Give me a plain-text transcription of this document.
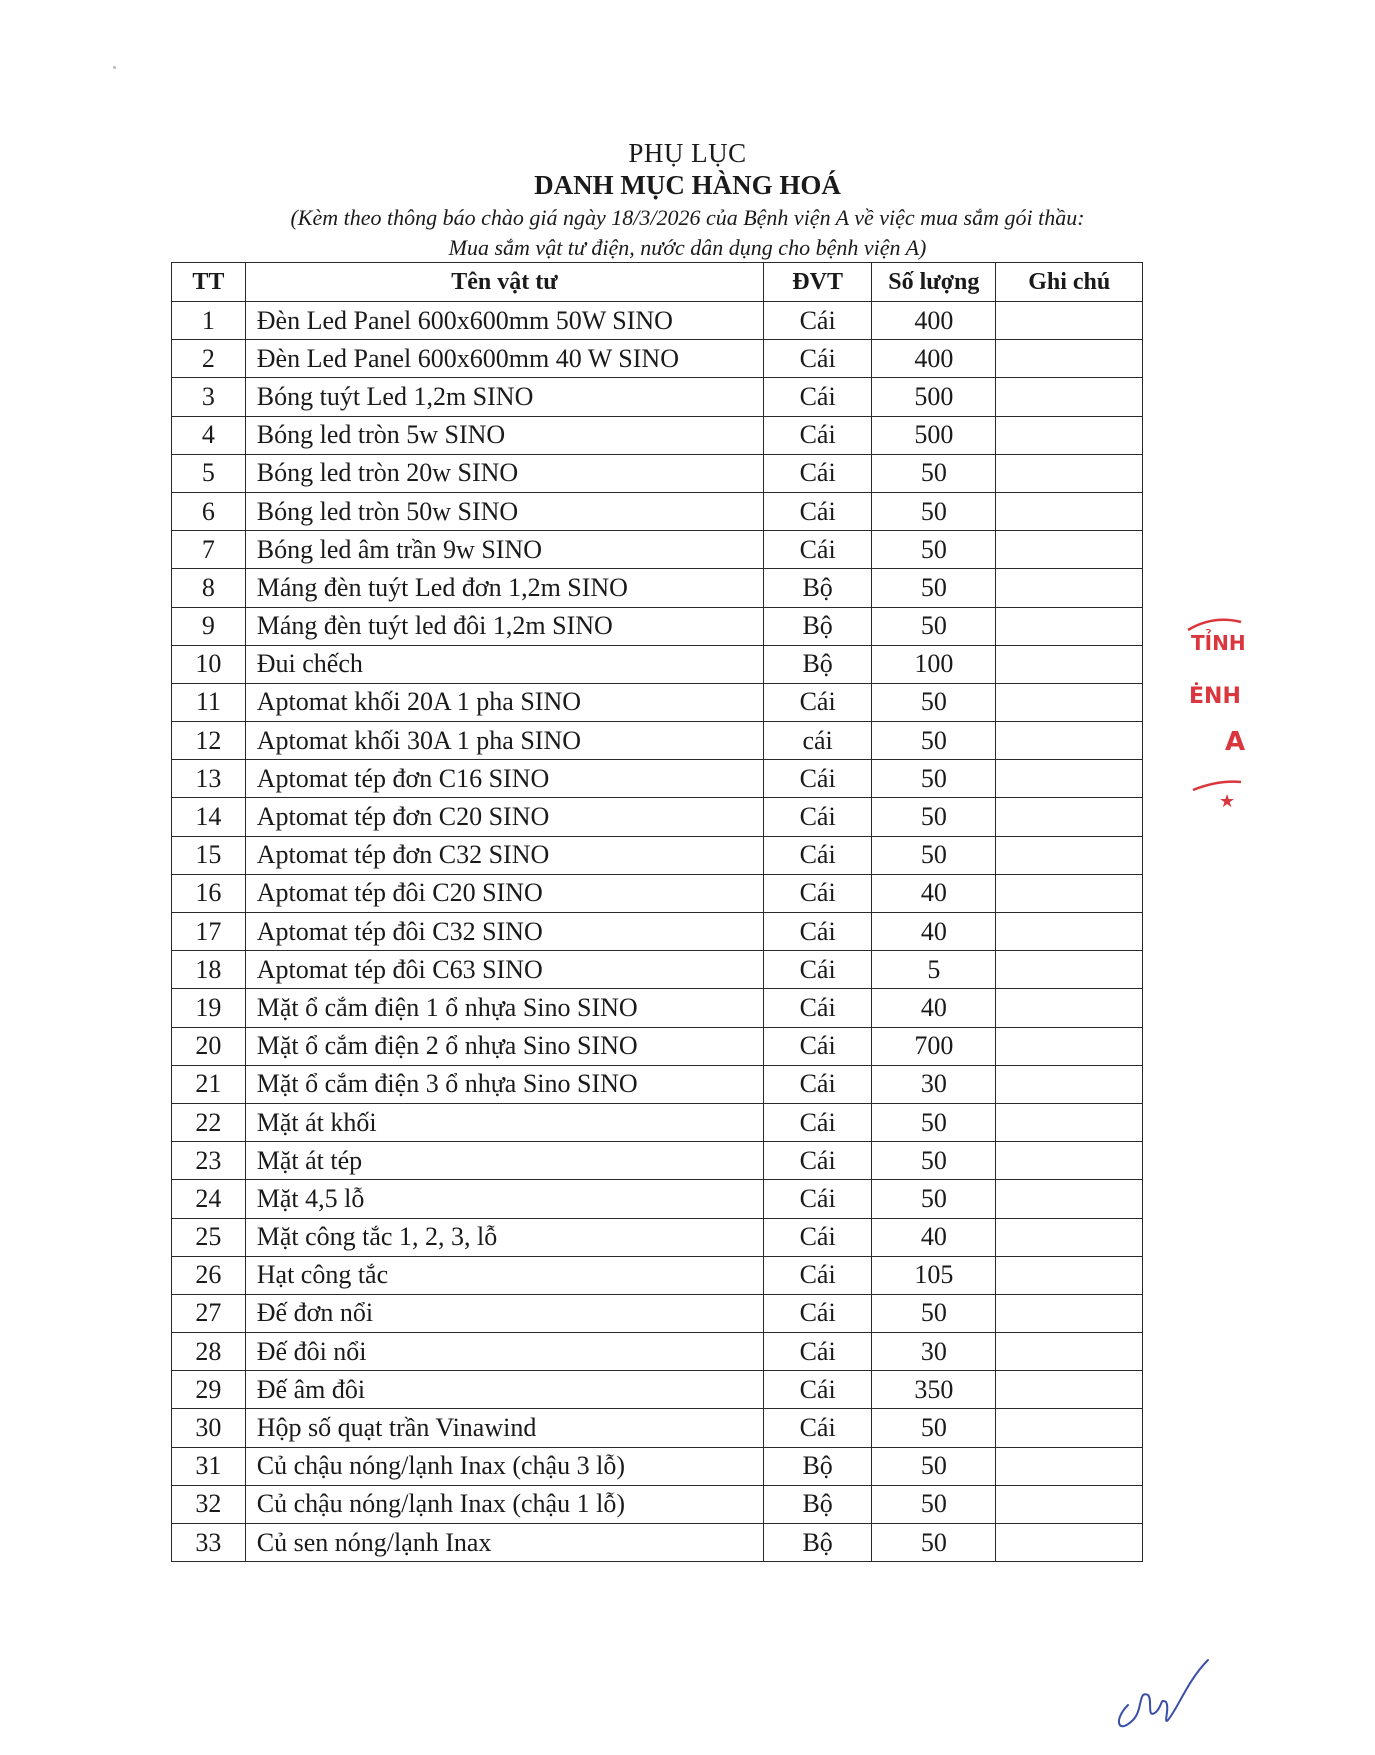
PHỤ LỤC
DANH MỤC HÀNG HOÁ
(Kèm theo thông báo chào giá ngày 18/3/2026 của Bệnh viện A về việc mua sắm gói thầu:
Mua sắm vật tư điện, nước dân dụng cho bệnh viện A)
TT	Tên vật tư	ĐVT	Số lượng	Ghi chú
1	Đèn Led Panel 600x600mm 50W SINO	Cái	400	
2	Đèn Led Panel 600x600mm 40 W SINO	Cái	400	
3	Bóng tuýt Led 1,2m SINO	Cái	500	
4	Bóng led tròn 5w SINO	Cái	500	
5	Bóng led tròn 20w SINO	Cái	50	
6	Bóng led tròn 50w SINO	Cái	50	
7	Bóng led âm trần 9w SINO	Cái	50	
8	Máng đèn tuýt Led đơn 1,2m SINO	Bộ	50	
9	Máng đèn tuýt led đôi 1,2m SINO	Bộ	50	
10	Đui chếch	Bộ	100	
11	Aptomat khối 20A 1 pha SINO	Cái	50	
12	Aptomat khối 30A 1 pha SINO	cái	50	
13	Aptomat tép đơn C16 SINO	Cái	50	
14	Aptomat tép đơn C20 SINO	Cái	50	
15	Aptomat tép đơn C32 SINO	Cái	50	
16	Aptomat tép đôi C20 SINO	Cái	40	
17	Aptomat tép đôi C32 SINO	Cái	40	
18	Aptomat tép đôi C63 SINO	Cái	5	
19	Mặt ổ cắm điện 1 ổ nhựa Sino SINO	Cái	40	
20	Mặt ổ cắm điện 2 ổ nhựa Sino SINO	Cái	700	
21	Mặt ổ cắm điện 3 ổ nhựa Sino SINO	Cái	30	
22	Mặt át khối	Cái	50	
23	Mặt át tép	Cái	50	
24	Mặt 4,5 lỗ	Cái	50	
25	Mặt công tắc 1, 2, 3, lỗ	Cái	40	
26	Hạt công tắc	Cái	105	
27	Đế đơn nổi	Cái	50	
28	Đế đôi nổi	Cái	30	
29	Đế âm đôi	Cái	350	
30	Hộp số quạt trần Vinawind	Cái	50	
31	Củ chậu nóng/lạnh Inax (chậu 3 lỗ)	Bộ	50	
32	Củ chậu nóng/lạnh Inax (chậu 1 lỗ)	Bộ	50	
33	Củ sen nóng/lạnh Inax	Bộ	50	
TỈNH
ĖNH
A
★
